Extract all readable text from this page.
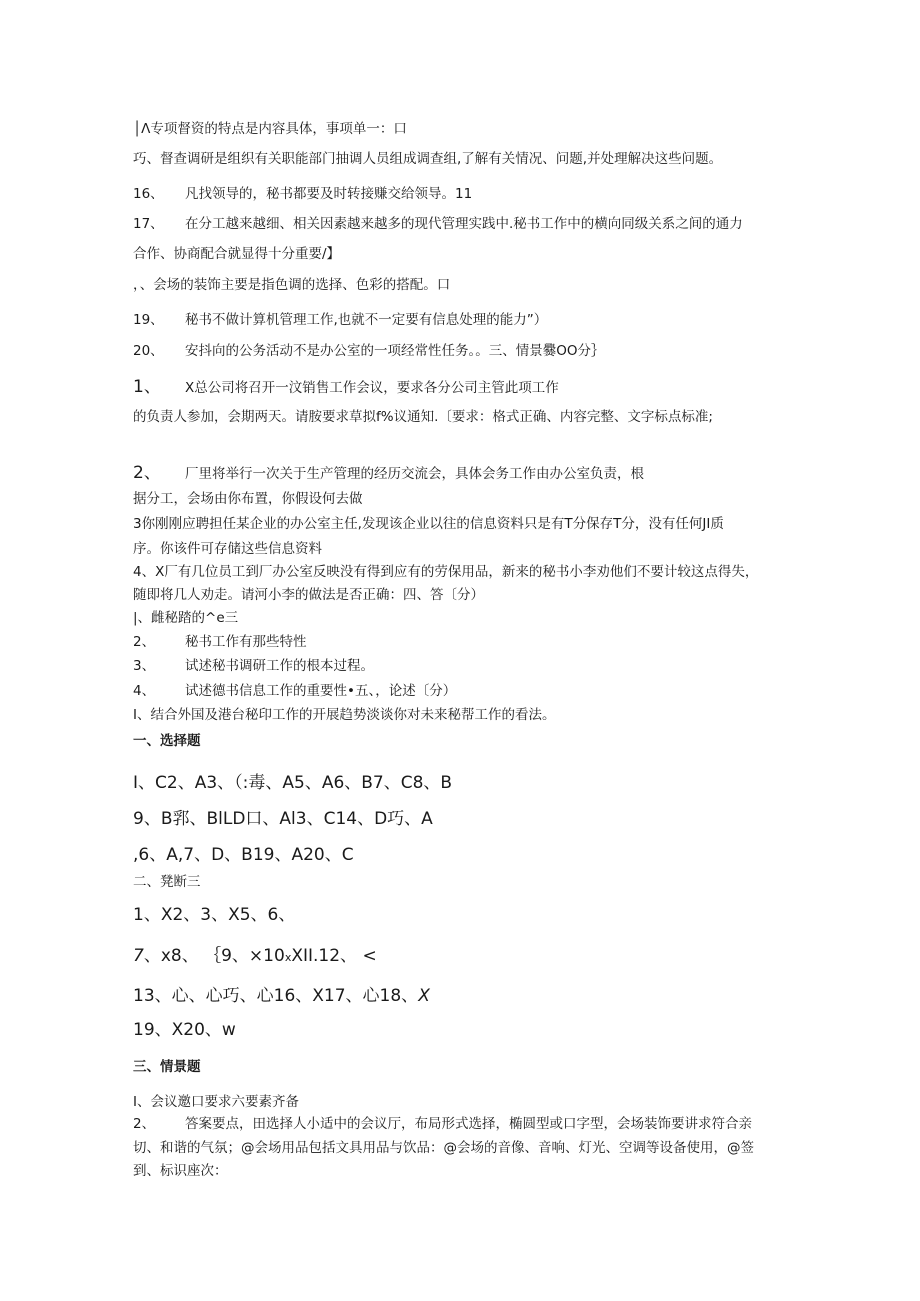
│Λ专项督资的特点是内容具体，事项单一：口
巧、督查调研是组织有关职能部门抽调人员组成调查组,了解有关情况、问题,并处理解决这些问题。
16、 凡找领导的，秘书都要及时转接赚交给领导。11
17、 在分工越来越细、相关因素越来越多的现代管理实践中.秘书工作中的横向同级关系之间的通力
合作、协商配合就显得十分重要/】
，、会场的装饰主要是指色调的选择、色彩的搭配。口
19、 秘书不做计算机管理工作,也就不一定要有信息处理的能力”）
20、 安抖向的公务活动不是办公室的一项经常性任务。。三、情景爨OO分｝
1、 X总公司将召开一汶销售工作会议，要求各分公司主管此项工作
的负责人参加，会期两天。请胺要求草拟f%议通知.〔要求：格式正确、内容完整、文字标点标准;
2、 厂里将举行一次关于生产管理的经历交流会，具体会务工作由办公室负责，根
据分工，会场由你布置，你假设何去做
3你刚刚应聘担任某企业的办公室主任,发现该企业以往的信息资料只是有T分保存T分，没有任何JI质
序。你该件可存储这些信息资料
4、X厂有几位员工到厂办公室反映没有得到应有的劳保用品，新来的秘书小李劝他们不要计较这点得失，
随即将几人劝走。请河小李的做法是否正确：四、答〔分）
|、雌秘踏的^e三
2、 秘书工作有那些特性
3、 试述秘书调研工作的根本过程。
4、 试述德书信息工作的重要性•五、，论述〔分）
I、结合外国及港台秘印工作的开展趋势淡谈你对未来秘帮工作的看法。
一、选择题
I、C2、A3、（:毒、A5、A6、B7、C8、B
9、B郛、BlLD口、Al3、C14、D巧、A
,6、A,7、D、B19、A20、C
二、凳断三
1、X2、3、X5、6、
7、x8、 ｛9、×10xXII.12、 <
13、心、心巧、心16、X17、心18、X
19、X20、w
三、情景题
I、会议邀口要求六要素齐备
2、 答案要点，田选择人小适中的会议厅，布局形式选择，椭圆型或口字型，会场装饰要讲求符合亲
切、和谐的气氛；@会场用品包括文具用品与饮品：@会场的音像、音响、灯光、空调等设备使用，@签
到、标识座次：
